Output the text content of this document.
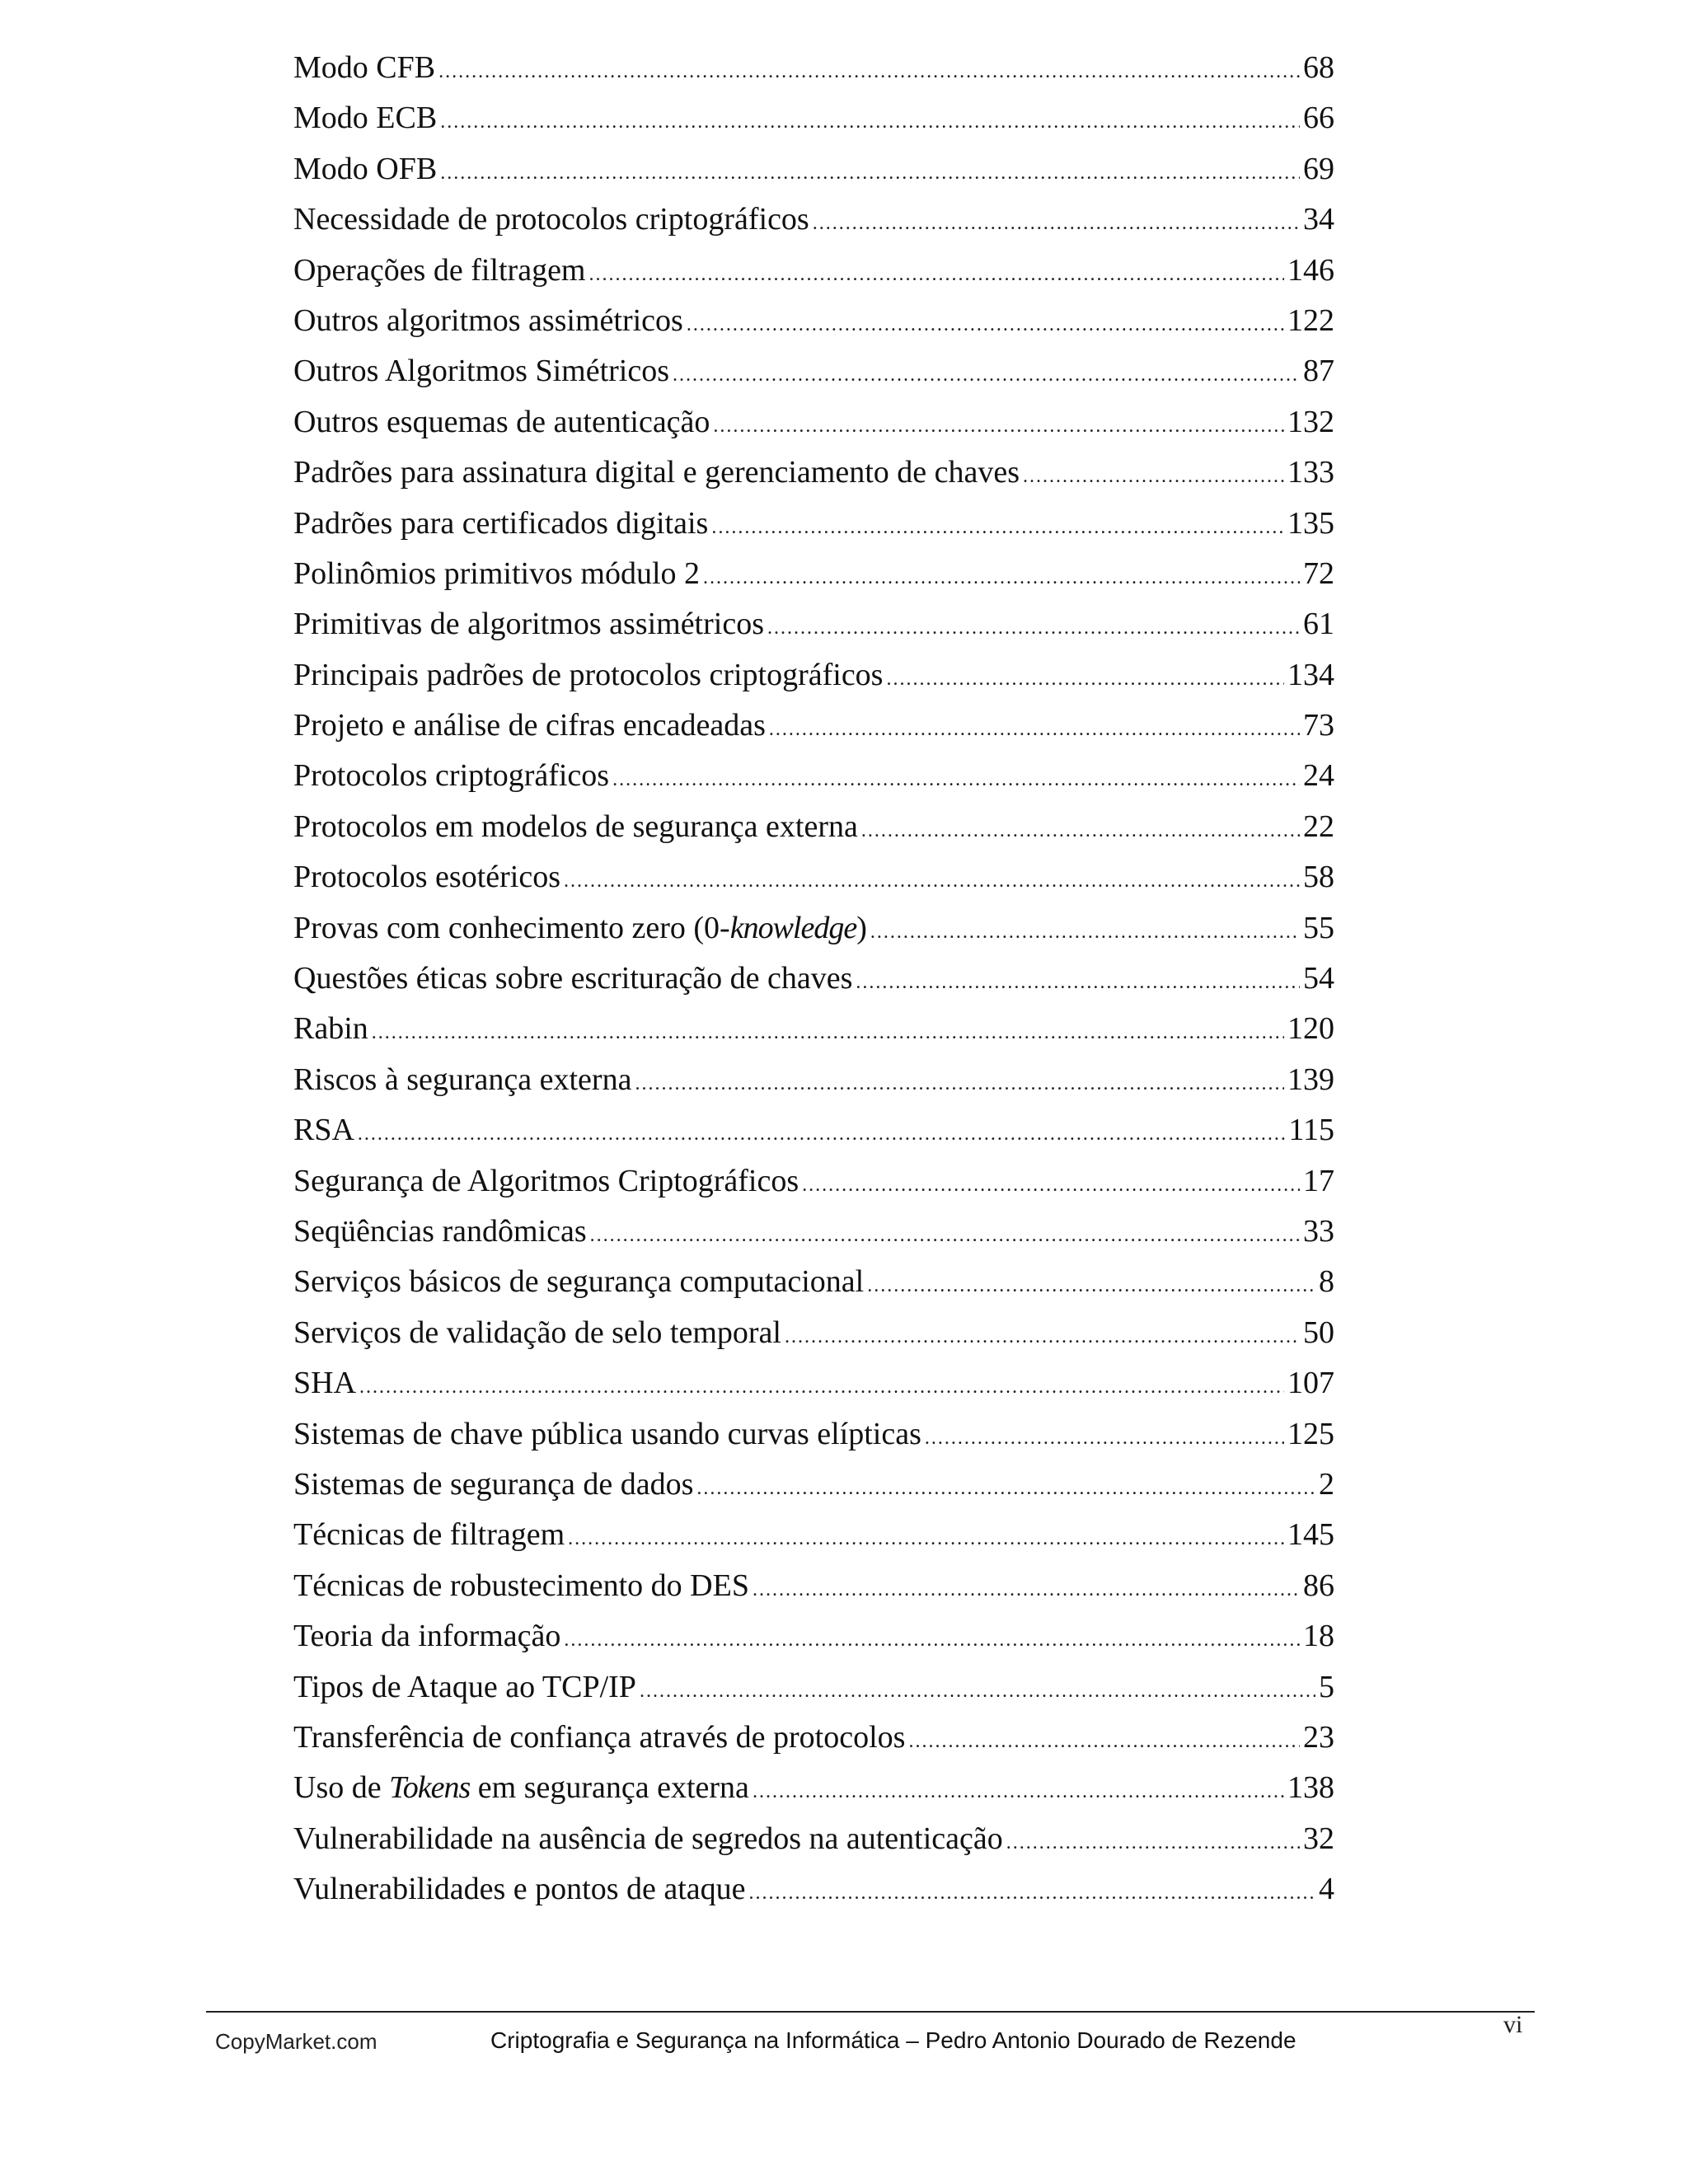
Modo CFB .....	68
Modo ECB .....	66
Modo OFB .....	69
Necessidade de protocolos criptográficos .....	34
Operações de filtragem .....	146
Outros algoritmos assimétricos .....	122
Outros Algoritmos Simétricos .....	87
Outros esquemas de autenticação .....	132
Padrões para assinatura digital e gerenciamento de chaves .....	133
Padrões para certificados digitais .....	135
Polinômios primitivos módulo 2 .....	72
Primitivas de algoritmos assimétricos .....	61
Principais padrões de protocolos criptográficos .....	134
Projeto e análise de cifras encadeadas .....	73
Protocolos criptográficos .....	24
Protocolos em modelos de segurança externa .....	22
Protocolos esotéricos .....	58
Provas com conhecimento zero (0-knowledge) .....	55
Questões éticas sobre escrituração de chaves .....	54
Rabin .....	120
Riscos à segurança externa .....	139
RSA .....	115
Segurança de Algoritmos Criptográficos .....	17
Seqüências randômicas .....	33
Serviços básicos de segurança computacional .....	8
Serviços de validação de selo temporal .....	50
SHA .....	107
Sistemas de chave pública usando curvas elípticas .....	125
Sistemas de segurança de dados .....	2
Técnicas de filtragem .....	145
Técnicas de robustecimento do DES .....	86
Teoria da informação .....	18
Tipos de Ataque ao TCP/IP .....	5
Transferência de confiança através de protocolos .....	23
Uso de Tokens em segurança externa .....	138
Vulnerabilidade na ausência de segredos na autenticação .....	32
Vulnerabilidades e pontos de ataque .....	4
CopyMarket.com	Criptografia e Segurança na Informática – Pedro Antonio Dourado de Rezende
vi
